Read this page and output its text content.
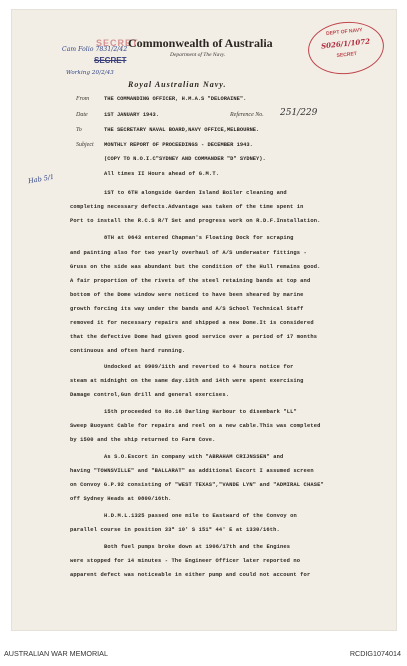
Cam Folio 7831/2/42
SECRET
SECRET
Working 20/2/43
DEPT OF NAVY
S026/1/1072
SECRET
Hab 5/1
Commonwealth of Australia
Department of The Navy.
Royal Australian Navy.
From	THE COMMANDING OFFICER, H.M.A.S "DELORAINE".
Date	1ST JANUARY 1943.	Reference No. 251/229
To	THE SECRETARY NAVAL BOARD,NAVY OFFICE,MELBOURNE.
Subject MONTHLY REPORT OF PROCEEDINGS - DECEMBER 1943.
(COPY TO N.O.I.C"SYDNEY AND COMMANDER "D" SYDNEY).
All times II Hours ahead of G.M.T.
1ST to 6TH alongside Garden Island Boiler cleaning and
completing necessary defects.Advantage was taken of the time spent in
Port to install the R.C.S R/T Set and progress work on R.D.F.Installation.
8TH at 0643 entered Chapman's Floating Dock for scraping
and painting also for two yearly overhaul of A/S underwater fittings -
Gruss on the side was abundant but the condition of the Hull remains good.
A fair proportion of the rivets of the steel retaining bands at top and
bottom of the Dome window were noticed to have been sheared by marine
growth forcing its way under the bands and A/S School Technical Staff
removed it for necessary repairs and shipped a new Dome.It is considered
that the defective Dome had given good service over a period of 17 months
continuous and often hard running.
Undocked at 0909/11th and reverted to 4 hours notice for
steam at midnight on the same day.13th and 14th were spent exercising
Damage control,Gun drill and general exercises.
15th proceeded to No.16 Darling Harbour to disembark "LL"
Sweep Buoyant Cable for repairs and reel on a new cable.This was completed
by 1500 and the ship returned to Farm Cove.
As S.O.Escort in company with "ABRAHAM CRIJNSSEN" and
having "TOWNSVILLE" and "BALLARAT" as additional Escort I assumed screen
on Convoy G.P.92 consisting of "WEST TEXAS","VANDE LYN" and "ADMIRAL CHASE"
off Sydney Heads at 0800/16th.
H.D.M.L.1325 passed one mile to Eastward of the Convoy on
parallel course in position 33º 10' S 151º 44' E at 1330/16th.
Both fuel pumps broke down at 1906/17th and the Engines
were stopped for 14 minutes - The Engineer Officer later reported no
apparent defect was noticeable in either pump and could not account for
AUSTRALIAN WAR MEMORIAL	RCDIG1074014
